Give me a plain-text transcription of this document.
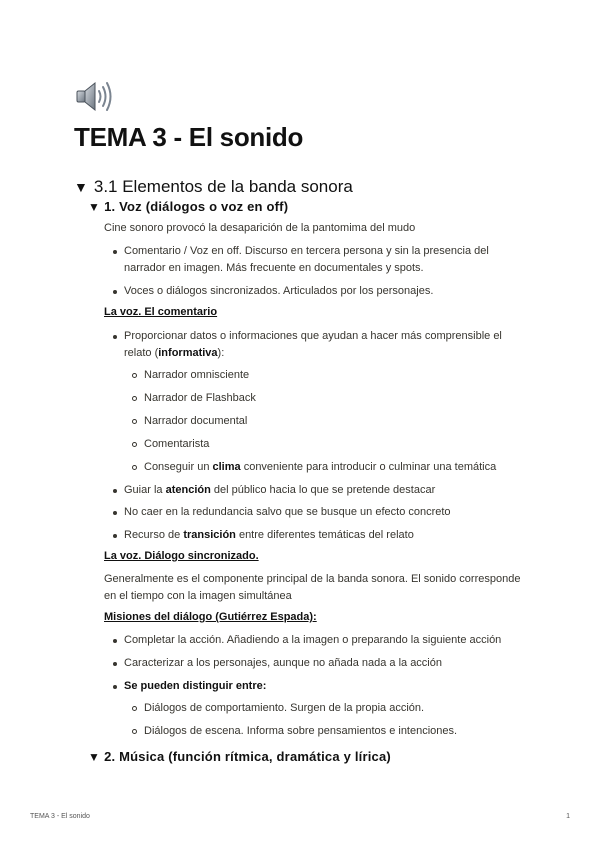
TEMA 3 - El sonido
▼ 3.1 Elementos de la banda sonora
▼ 1. Voz (diálogos o voz en off)

Cine sonoro provocó la desaparición de la pantomima del mudo

Comentario / Voz en off. Discurso en tercera persona y sin la presencia del narrador en imagen. Más frecuente en documentales y spots.

Voces o diálogos sincronizados. Articulados por los personajes.

La voz. El comentario

Proporcionar datos o informaciones que ayudan a hacer más comprensible el relato (informativa):

Narrador omnisciente

Narrador de Flashback

Narrador documental

Comentarista

Conseguir un clima conveniente para introducir o culminar una temática

Guiar la atención del público hacia lo que se pretende destacar

No caer en la redundancia salvo que se busque un efecto concreto

Recurso de transición entre diferentes temáticas del relato

La voz. Diálogo sincronizado.

Generalmente es el componente principal de la banda sonora. El sonido corresponde en el tiempo con la imagen simultánea

Misiones del diálogo (Gutiérrez Espada):

Completar la acción. Añadiendo a la imagen o preparando la siguiente acción

Caracterizar a los personajes, aunque no añada nada a la acción

Se pueden distinguir entre:

Diálogos de comportamiento. Surgen de la propia acción.

Diálogos de escena. Informa sobre pensamientos e intenciones.

▼ 2. Música (función rítmica, dramática y lírica)
TEMA 3 - El sonido	1
